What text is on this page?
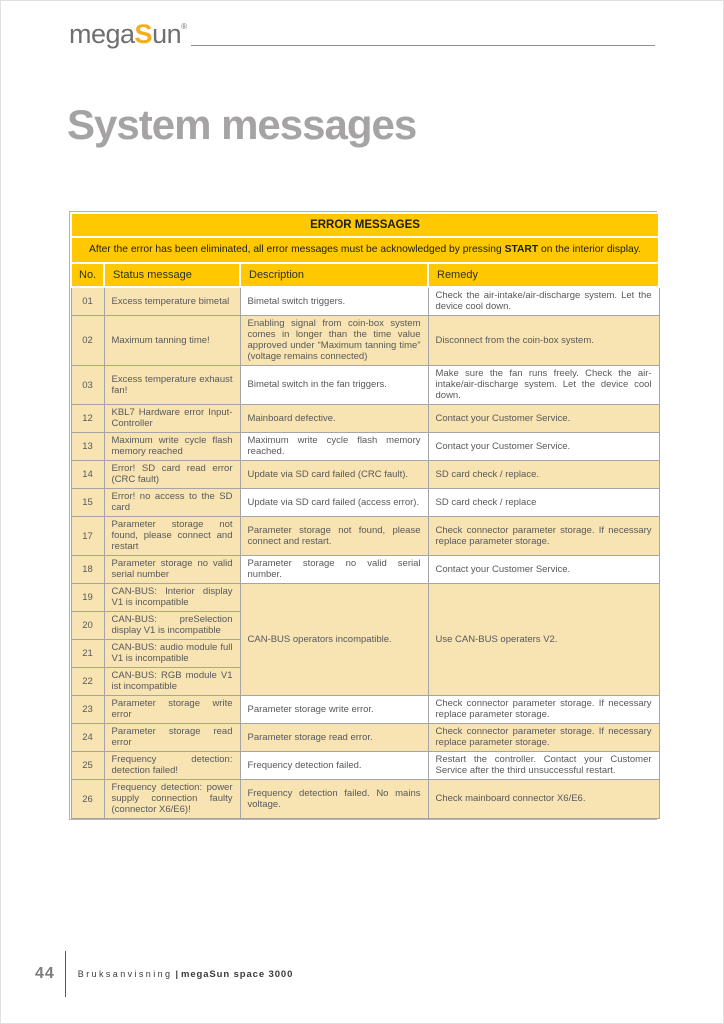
megaSun®
System messages
ERROR MESSAGES			
After the error has been eliminated, all error messages must be acknowledged by pressing START on the interior display.			
No.	Status message	Description	Remedy
01	Excess temperature bimetal	Bimetal switch triggers.	Check the air-intake/air-discharge system. Let the device cool down.
02	Maximum tanning time!	Enabling signal from coin-box system comes in longer than the time value approved under “Maximum tanning time” (voltage remains connected)	Disconnect from the coin-box system.
03	Excess temperature exhaust fan!	Bimetal switch in the fan triggers.	Make sure the fan runs freely. Check the air-intake/air-discharge system. Let the device cool down.
12	KBL7 Hardware error Input-Controller	Mainboard defective.	Contact your Customer Service.
13	Maximum write cycle flash memory reached	Maximum write cycle flash memory reached.	Contact your Customer Service.
14	Error! SD card read error (CRC fault)	Update via SD card failed (CRC fault).	SD card check / replace.
15	Error! no access to the SD card	Update via SD card failed (access error).	SD card check / replace
17	Parameter storage not found, please connect and restart	Parameter storage not found, please connect and restart.	Check connector parameter storage. If necessary replace parameter storage.
18	Parameter storage no valid serial number	Parameter storage no valid serial number.	Contact your Customer Service.
19	CAN-BUS: Interior display V1 is incompatible	CAN-BUS operators incompatible.	Use CAN-BUS operaters V2.
20	CAN-BUS: preSelection display V1 is incompatible		
21	CAN-BUS: audio module full V1 is incompatible		
22	CAN-BUS: RGB module V1 ist incompatible		
23	Parameter storage write error	Parameter storage write error.	Check connector parameter storage. If necessary replace parameter storage.
24	Parameter storage read error	Parameter storage read error.	Check connector parameter storage. If necessary replace parameter storage.
25	Frequency detection: detection failed!	Frequency detection failed.	Restart the controller. Contact your Customer Service after the third unsuccessful restart.
26	Frequency detection: power supply connection faulty (connector X6/E6)!	Frequency detection failed. No mains voltage.	Check mainboard connector X6/E6.
44	Bruksanvisning | megaSun space 3000
